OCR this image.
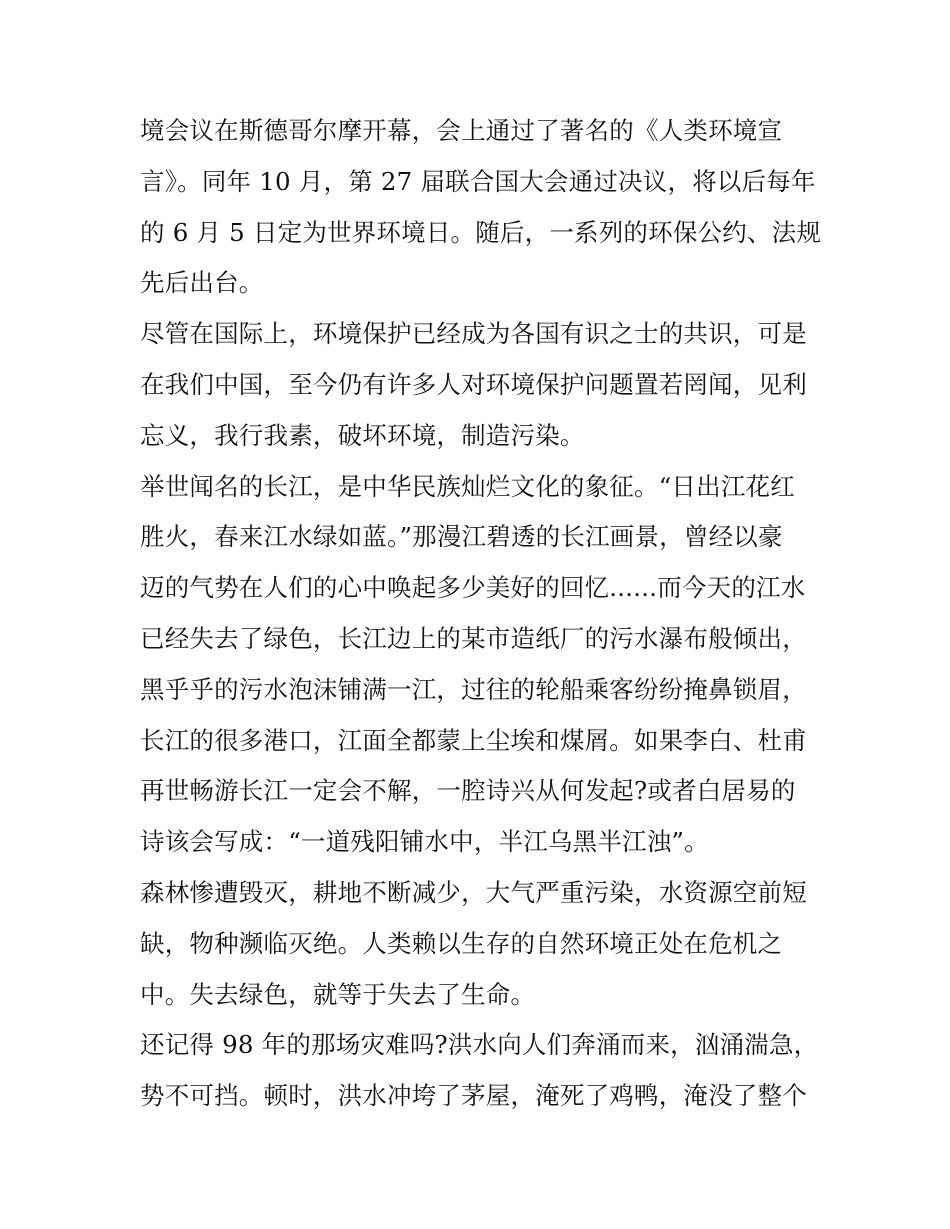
境会议在斯德哥尔摩开幕，会上通过了著名的《人类环境宣
言》。同年 10 月，第 27 届联合国大会通过决议，将以后每年
的 6 月 5 日定为世界环境日。随后，一系列的环保公约、法规
先后出台。
尽管在国际上，环境保护已经成为各国有识之士的共识，可是
在我们中国，至今仍有许多人对环境保护问题置若罔闻，见利
忘义，我行我素，破坏环境，制造污染。
举世闻名的长江，是中华民族灿烂文化的象征。“日出江花红
胜火，春来江水绿如蓝。”那漫江碧透的长江画景，曾经以豪
迈的气势在人们的心中唤起多少美好的回忆......而今天的江水
已经失去了绿色，长江边上的某市造纸厂的污水瀑布般倾出，
黑乎乎的污水泡沫铺满一江，过往的轮船乘客纷纷掩鼻锁眉，
长江的很多港口，江面全都蒙上尘埃和煤屑。如果李白、杜甫
再世畅游长江一定会不解，一腔诗兴从何发起?或者白居易的
诗该会写成：“一道残阳铺水中，半江乌黑半江浊”。
森林惨遭毁灭，耕地不断减少，大气严重污染，水资源空前短
缺，物种濒临灭绝。人类赖以生存的自然环境正处在危机之
中。失去绿色，就等于失去了生命。
还记得 98 年的那场灾难吗?洪水向人们奔涌而来，汹涌湍急，
势不可挡。顿时，洪水冲垮了茅屋，淹死了鸡鸭，淹没了整个
